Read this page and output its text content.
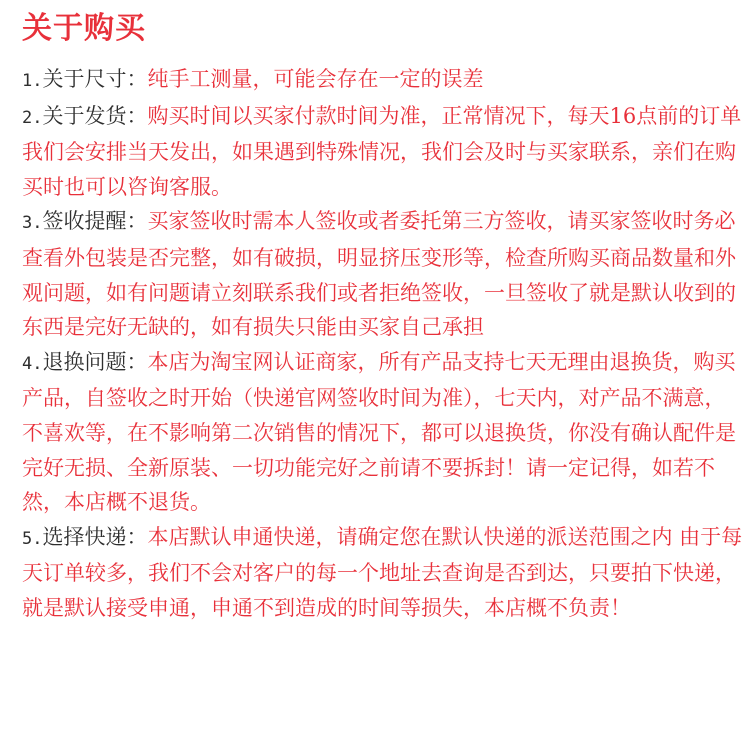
关于购买

1.关于尺寸：纯手工测量，可能会存在一定的误差

2.关于发货：购买时间以买家付款时间为准，正常情况下，每天16点前的订单我们会安排当天发出，如果遇到特殊情况，我们会及时与买家联系，亲们在购买时也可以咨询客服。

3.签收提醒：买家签收时需本人签收或者委托第三方签收，请买家签收时务必查看外包装是否完整，如有破损，明显挤压变形等，检查所购买商品数量和外观问题，如有问题请立刻联系我们或者拒绝签收，一旦签收了就是默认收到的东西是完好无缺的，如有损失只能由买家自己承担

4.退换问题：本店为淘宝网认证商家，所有产品支持七天无理由退换货，购买产品，自签收之时开始（快递官网签收时间为准），七天内，对产品不满意，不喜欢等，在不影响第二次销售的情况下，都可以退换货，你没有确认配件是完好无损、全新原装、一切功能完好之前请不要拆封！请一定记得，如若不然，本店概不退货。

5.选择快递：本店默认申通快递，请确定您在默认快递的派送范围之内 由于每天订单较多，我们不会对客户的每一个地址去查询是否到达，只要拍下快递，就是默认接受申通，申通不到造成的时间等损失，本店概不负责！
